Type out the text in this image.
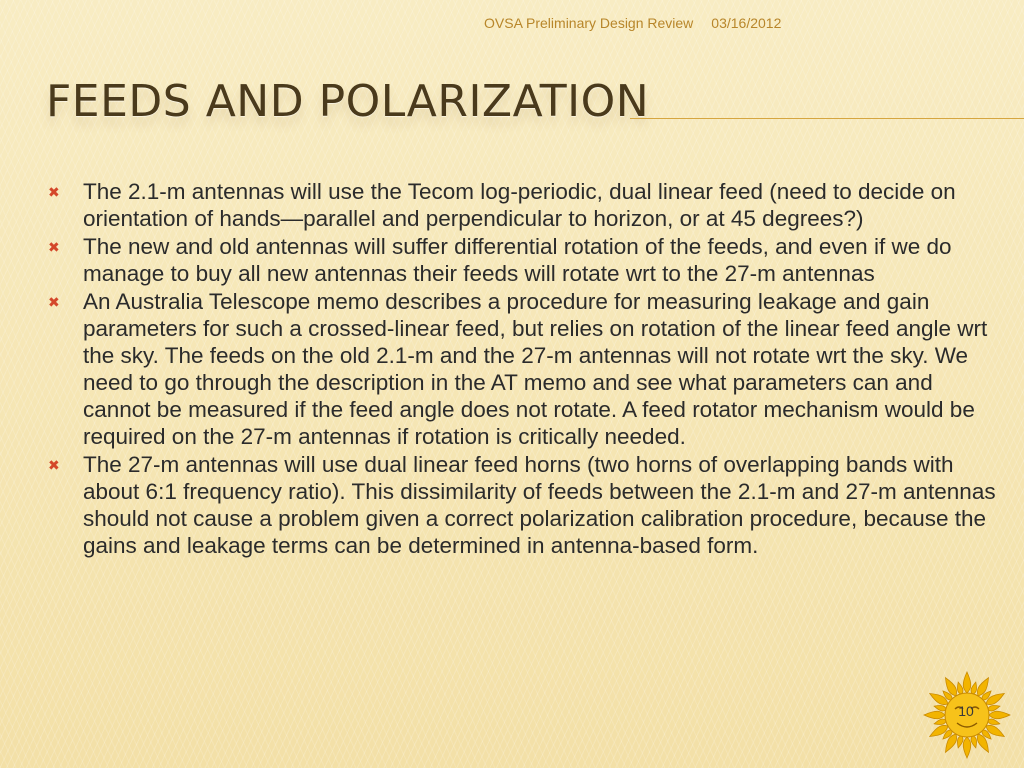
OVSA Preliminary Design Review 03/16/2012
FEEDS AND POLARIZATION
✖ The 2.1-m antennas will use the Tecom log-periodic, dual linear feed (need to decide on orientation of hands—parallel and perpendicular to horizon, or at 45 degrees?)
✖ The new and old antennas will suffer differential rotation of the feeds, and even if we do manage to buy all new antennas their feeds will rotate wrt to the 27-m antennas
✖ An Australia Telescope memo describes a procedure for measuring leakage and gain parameters for such a crossed-linear feed, but relies on rotation of the linear feed angle wrt the sky. The feeds on the old 2.1-m and the 27-m antennas will not rotate wrt the sky. We need to go through the description in the AT memo and see what parameters can and cannot be measured if the feed angle does not rotate. A feed rotator mechanism would be required on the 27-m antennas if rotation is critically needed.
✖ The 27-m antennas will use dual linear feed horns (two horns of overlapping bands with about 6:1 frequency ratio). This dissimilarity of feeds between the 2.1-m and 27-m antennas should not cause a problem given a correct polarization calibration procedure, because the gains and leakage terms can be determined in antenna-based form.
10
